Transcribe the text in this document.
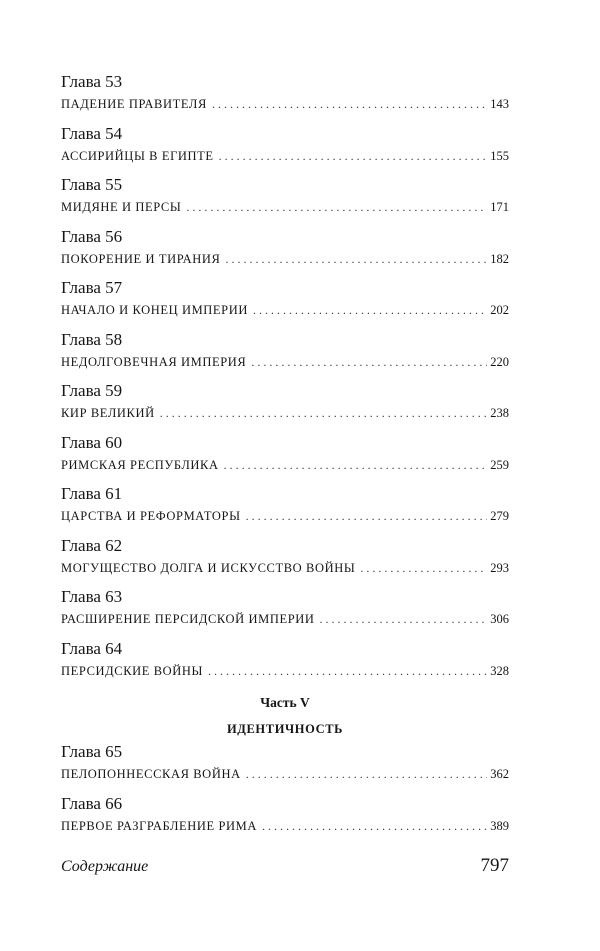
Глава 53
ПАДЕНИЕ ПРАВИТЕЛЯ . . .	143
Глава 54
АССИРИЙЦЫ В ЕГИПТЕ . . .	155
Глава 55
МИДЯНЕ И ПЕРСЫ . . .	171
Глава 56
ПОКОРЕНИЕ И ТИРАНИЯ . . .	182
Глава 57
НАЧАЛО И КОНЕЦ ИМПЕРИИ . . .	202
Глава 58
НЕДОЛГОВЕЧНАЯ ИМПЕРИЯ . . .	220
Глава 59
КИР ВЕЛИКИЙ . . .	238
Глава 60
РИМСКАЯ РЕСПУБЛИКА . . .	259
Глава 61
ЦАРСТВА И РЕФОРМАТОРЫ . . .	279
Глава 62
МОГУЩЕСТВО ДОЛГА И ИСКУССТВО ВОЙНЫ . . .	293
Глава 63
РАСШИРЕНИЕ ПЕРСИДСКОЙ ИМПЕРИИ . . .	306
Глава 64
ПЕРСИДСКИЕ ВОЙНЫ . . .	328
Часть V
ИДЕНТИЧНОСТЬ
Глава 65
ПЕЛОПОННЕССКАЯ ВОЙНА . . .	362
Глава 66
ПЕРВОЕ РАЗГРАБЛЕНИЕ РИМА . . .	389
Содержание	797
